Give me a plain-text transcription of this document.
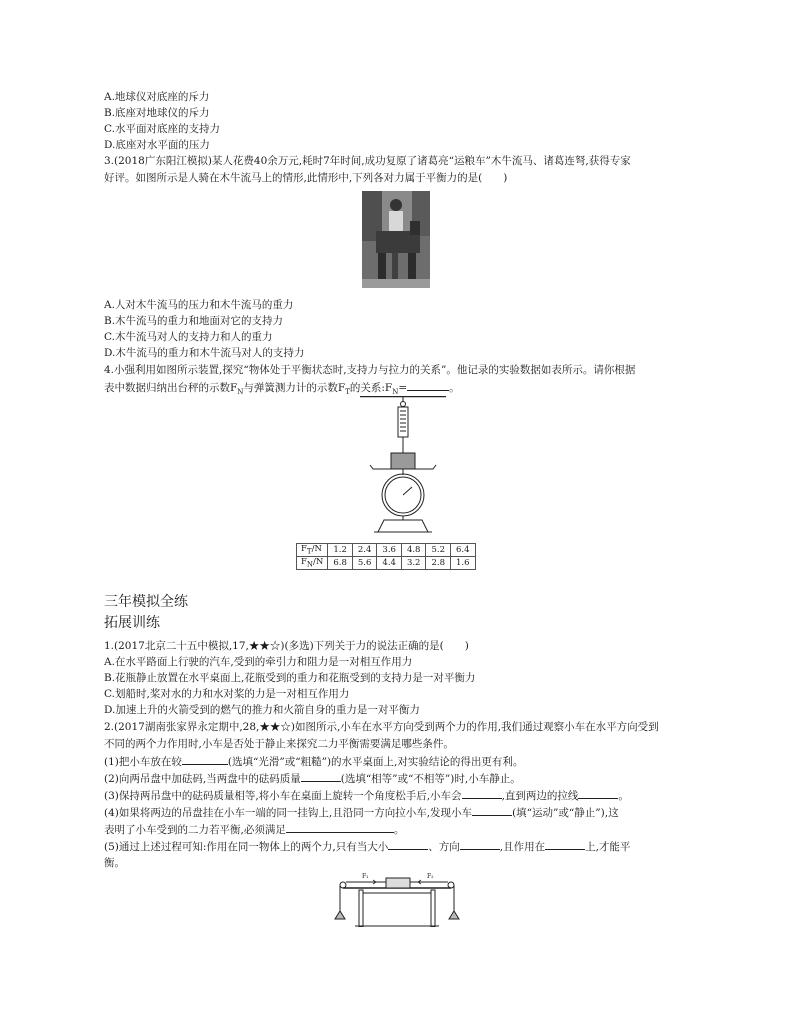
A.地球仪对底座的斥力
B.底座对地球仪的斥力
C.水平面对底座的支持力
D.底座对水平面的压力
3.(2018广东阳江模拟)某人花费40余万元,耗时7年时间,成功复原了诸葛亮“运粮车”木牛流马、诸葛连弩,获得专家
好评。如图所示是人骑在木牛流马上的情形,此情形中,下列各对力属于平衡力的是(　　)
A.人对木牛流马的压力和木牛流马的重力
B.木牛流马的重力和地面对它的支持力
C.木牛流马对人的支持力和人的重力
D.木牛流马的重力和木牛流马对人的支持力
4.小强利用如图所示装置,探究“物体处于平衡状态时,支持力与拉力的关系”。他记录的实验数据如表所示。请你根据
表中数据归纳出台秤的示数$F_N$与弹簧测力计的示数$F_T$的关系$:F_N=$	。
$F_T/N$	1.2	2.4	3.6	4.8	5.2	6.4
$F_N/N$	6.8	5.6	4.4	3.2	2.8	1.6
三年模拟全练
拓展训练
1.(2017北京二十五中模拟,17,★★☆)(多选)下列关于力的说法正确的是(　　)
A.在水平路面上行驶的汽车,受到的牵引力和阻力是一对相互作用力
B.花瓶静止放置在水平桌面上,花瓶受到的重力和花瓶受到的支持力是一对平衡力
C.划船时,桨对水的力和水对桨的力是一对相互作用力
D.加速上升的火箭受到的燃气的推力和火箭自身的重力是一对平衡力
2.(2017湖南张家界永定期中,28,★★☆)如图所示,小车在水平方向受到两个力的作用,我们通过观察小车在水平方向受到
不同的两个力作用时,小车是否处于静止来探究二力平衡需要满足哪些条件。
(1)把小车放在较	(选填“光滑”或“粗糙”)的水平桌面上,对实验结论的得出更有利。
(2)向两吊盘中加砝码,当两盘中的砝码质量	(选填“相等”或“不相等”)时,小车静止。
(3)保持两吊盘中的砝码质量相等,将小车在桌面上旋转一个角度松手后,小车会	,直到两边的拉线	。
(4)如果将两边的吊盘挂在小车一端的同一挂钩上,且沿同一方向拉小车,发现小车	(填“运动”或“静止”),这
表明了小车受到的二力若平衡,必须满足	。
(5)通过上述过程可知:作用在同一物体上的两个力,只有当大小	、方向	,且作用在	上,才能平
衡。
F₁	F₂
